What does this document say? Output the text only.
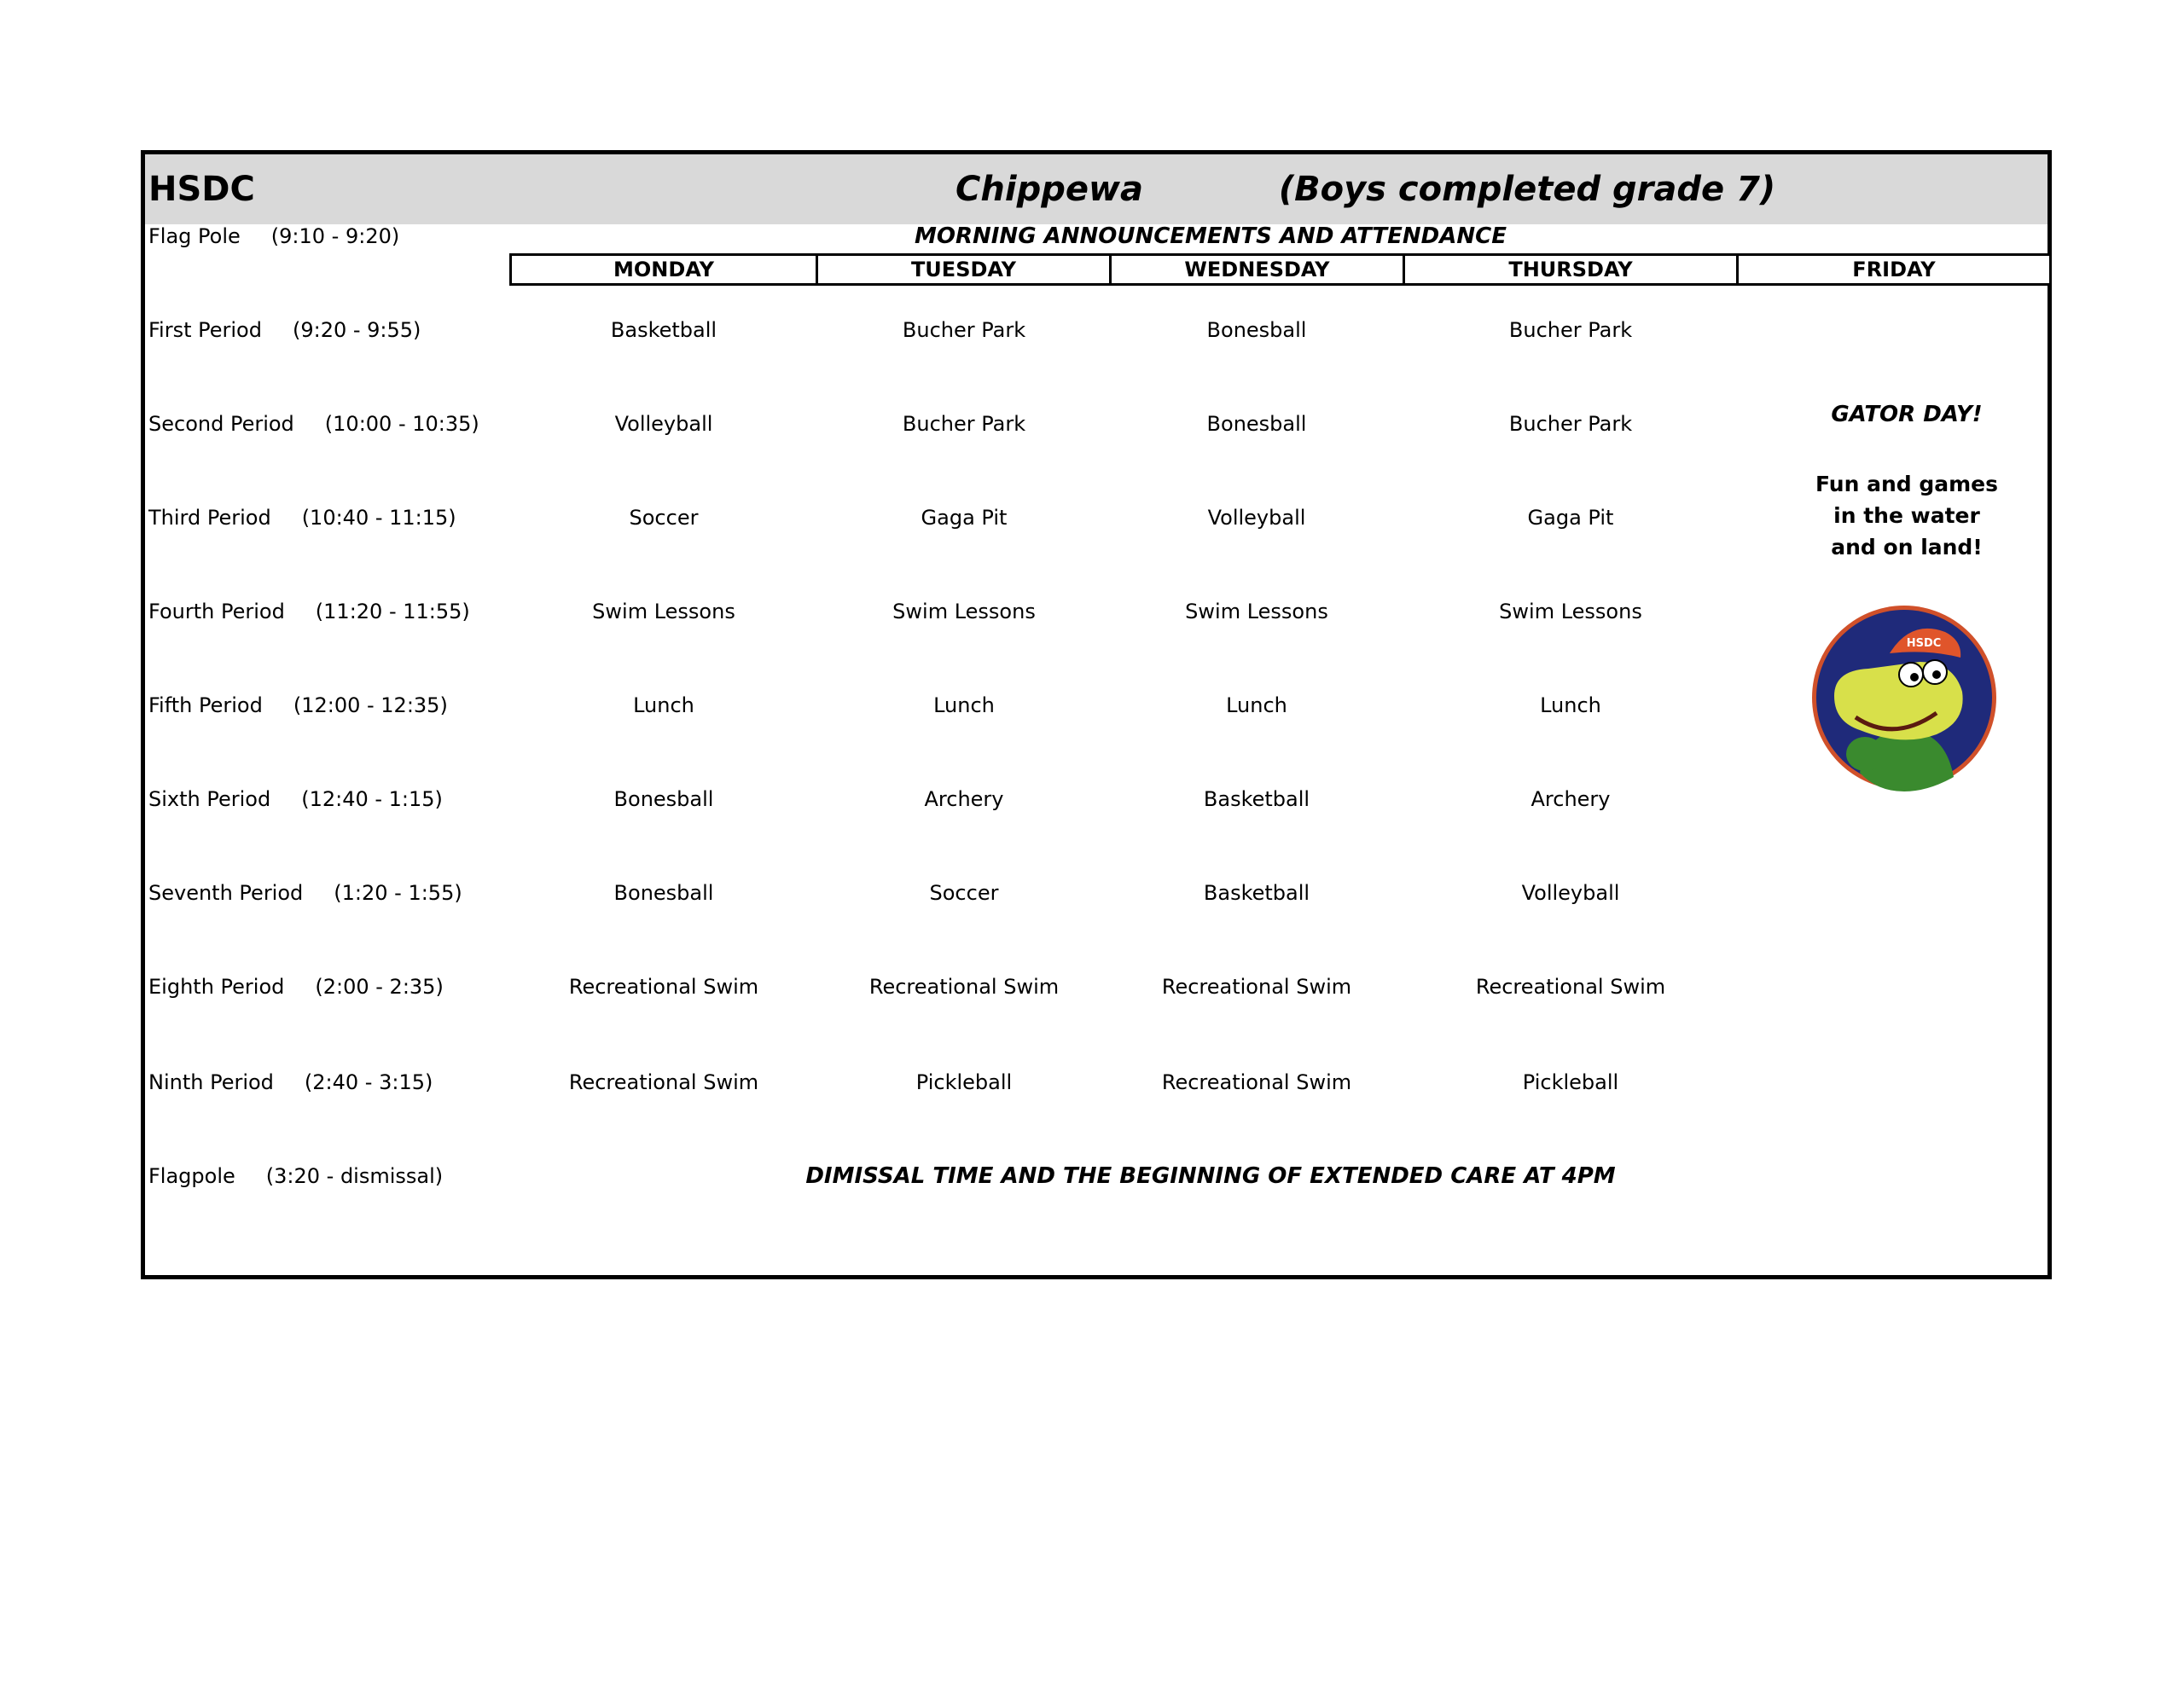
HSDC	Chippewa	(Boys completed grade 7)
MONDAY	TUESDAY	WEDNESDAY	THURSDAY	FRIDAY
Flag Pole (9:10 - 9:20)	MORNING ANNOUNCEMENTS AND ATTENDANCE
First Period (9:20 - 9:55)	Basketball	Bucher Park	Bonesball	Bucher Park
Second Period (10:00 - 10:35)	Volleyball	Bucher Park	Bonesball	Bucher Park
Third Period (10:40 - 11:15)	Soccer	Gaga Pit	Volleyball	Gaga Pit
Fourth Period (11:20 - 11:55)	Swim Lessons	Swim Lessons	Swim Lessons	Swim Lessons
Fifth Period (12:00 - 12:35)	Lunch	Lunch	Lunch	Lunch
Sixth Period (12:40 - 1:15)	Bonesball	Archery	Basketball	Archery
Seventh Period (1:20 - 1:55)	Bonesball	Soccer	Basketball	Volleyball
Eighth Period (2:00 - 2:35)	Recreational Swim	Recreational Swim	Recreational Swim	Recreational Swim
Ninth Period (2:40 - 3:15)	Recreational Swim	Pickleball	Recreational Swim	Pickleball
Flagpole (3:20 - dismissal)	DIMISSAL TIME AND THE BEGINNING OF EXTENDED CARE AT 4PM
GATOR DAY!
Fun and games
in the water
and on land!
HSDC
